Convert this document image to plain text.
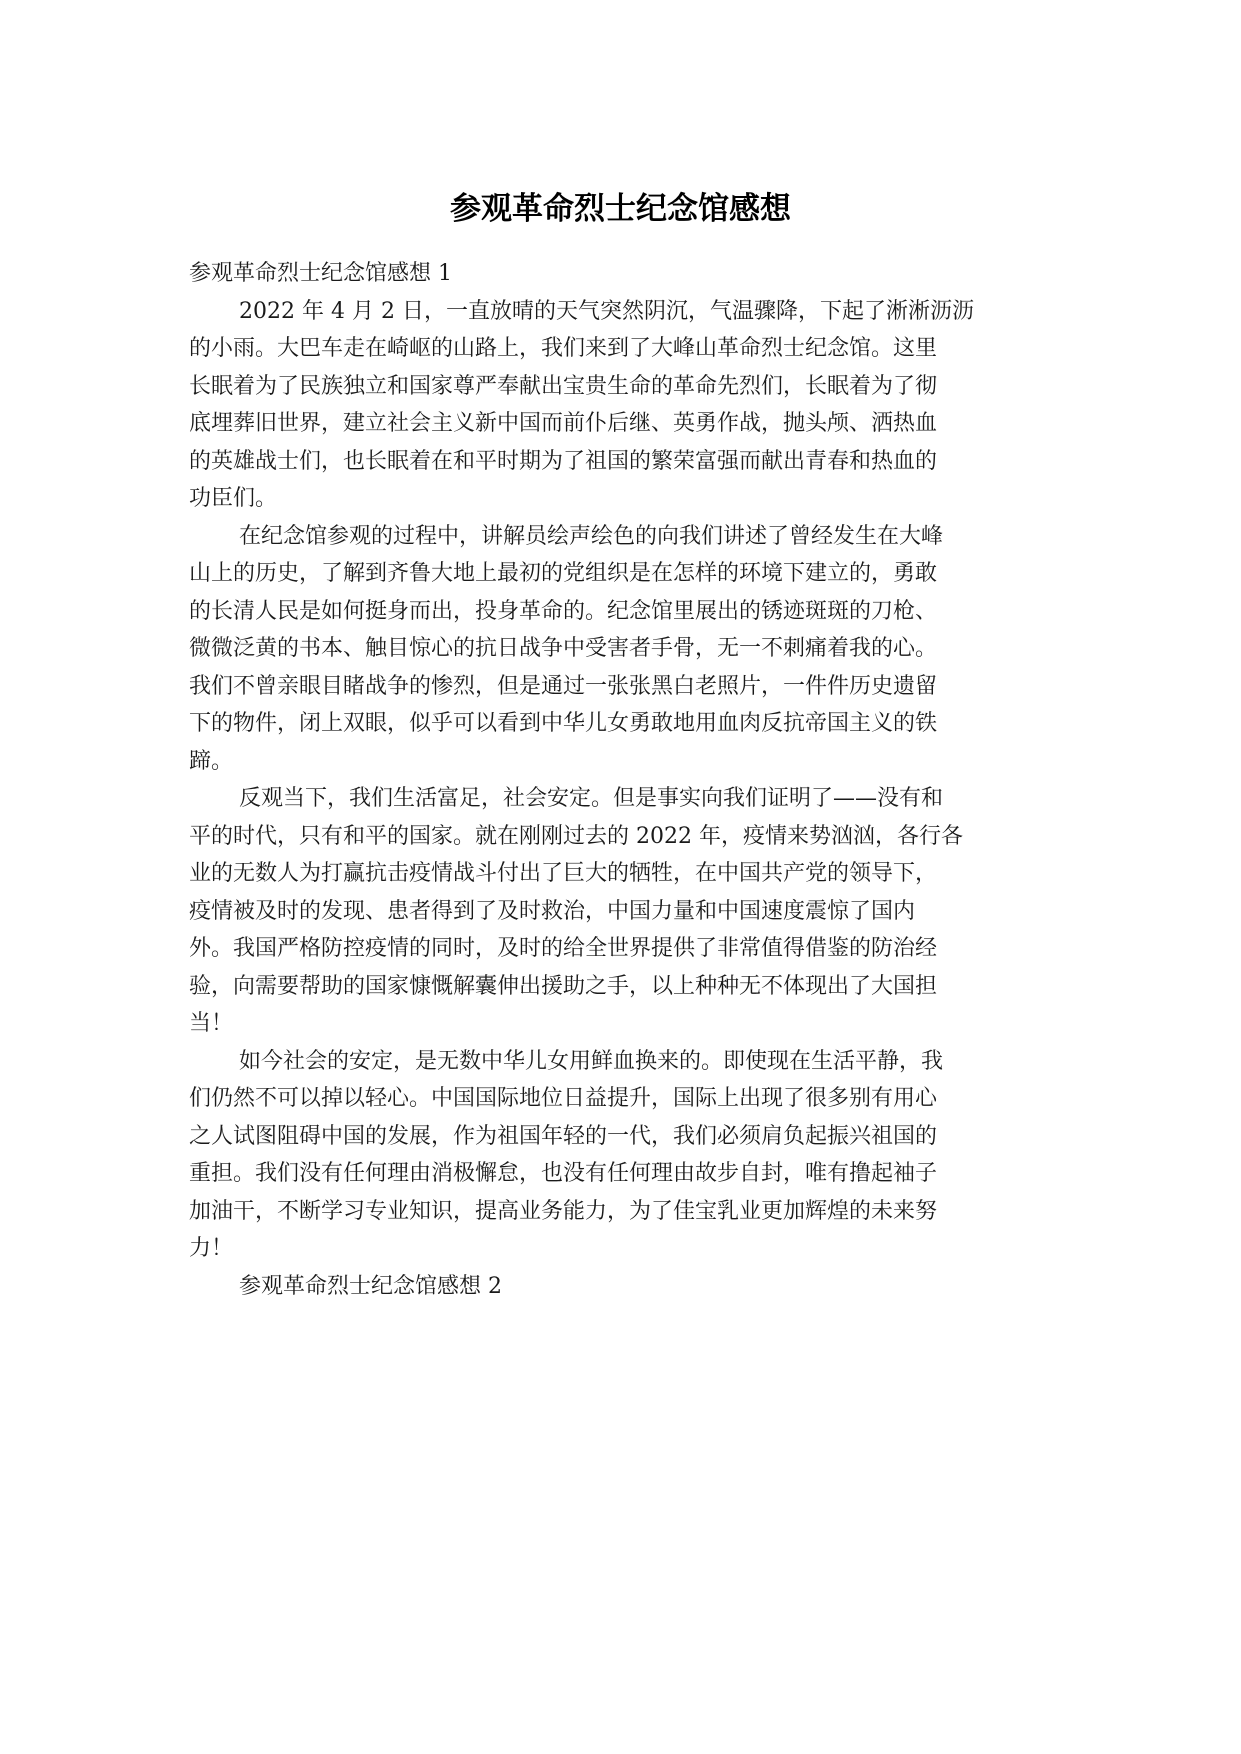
参观革命烈士纪念馆感想
参观革命烈士纪念馆感想 1
2022 年 4 月 2 日，一直放晴的天气突然阴沉，气温骤降，下起了淅淅沥沥
的小雨。大巴车走在崎岖的山路上，我们来到了大峰山革命烈士纪念馆。这里
长眠着为了民族独立和国家尊严奉献出宝贵生命的革命先烈们，长眠着为了彻
底埋葬旧世界，建立社会主义新中国而前仆后继、英勇作战，抛头颅、洒热血
的英雄战士们，也长眠着在和平时期为了祖国的繁荣富强而献出青春和热血的
功臣们。
在纪念馆参观的过程中，讲解员绘声绘色的向我们讲述了曾经发生在大峰
山上的历史，了解到齐鲁大地上最初的党组织是在怎样的环境下建立的，勇敢
的长清人民是如何挺身而出，投身革命的。纪念馆里展出的锈迹斑斑的刀枪、
微微泛黄的书本、触目惊心的抗日战争中受害者手骨，无一不刺痛着我的心。
我们不曾亲眼目睹战争的惨烈，但是通过一张张黑白老照片，一件件历史遗留
下的物件，闭上双眼，似乎可以看到中华儿女勇敢地用血肉反抗帝国主义的铁
蹄。
反观当下，我们生活富足，社会安定。但是事实向我们证明了——没有和
平的时代，只有和平的国家。就在刚刚过去的 2022 年，疫情来势汹汹，各行各
业的无数人为打赢抗击疫情战斗付出了巨大的牺牲，在中国共产党的领导下，
疫情被及时的发现、患者得到了及时救治，中国力量和中国速度震惊了国内
外。我国严格防控疫情的同时，及时的给全世界提供了非常值得借鉴的防治经
验，向需要帮助的国家慷慨解囊伸出援助之手，以上种种无不体现出了大国担
当！
如今社会的安定，是无数中华儿女用鲜血换来的。即使现在生活平静，我
们仍然不可以掉以轻心。中国国际地位日益提升，国际上出现了很多别有用心
之人试图阻碍中国的发展，作为祖国年轻的一代，我们必须肩负起振兴祖国的
重担。我们没有任何理由消极懈怠，也没有任何理由故步自封，唯有撸起袖子
加油干，不断学习专业知识，提高业务能力，为了佳宝乳业更加辉煌的未来努
力！
参观革命烈士纪念馆感想 2
